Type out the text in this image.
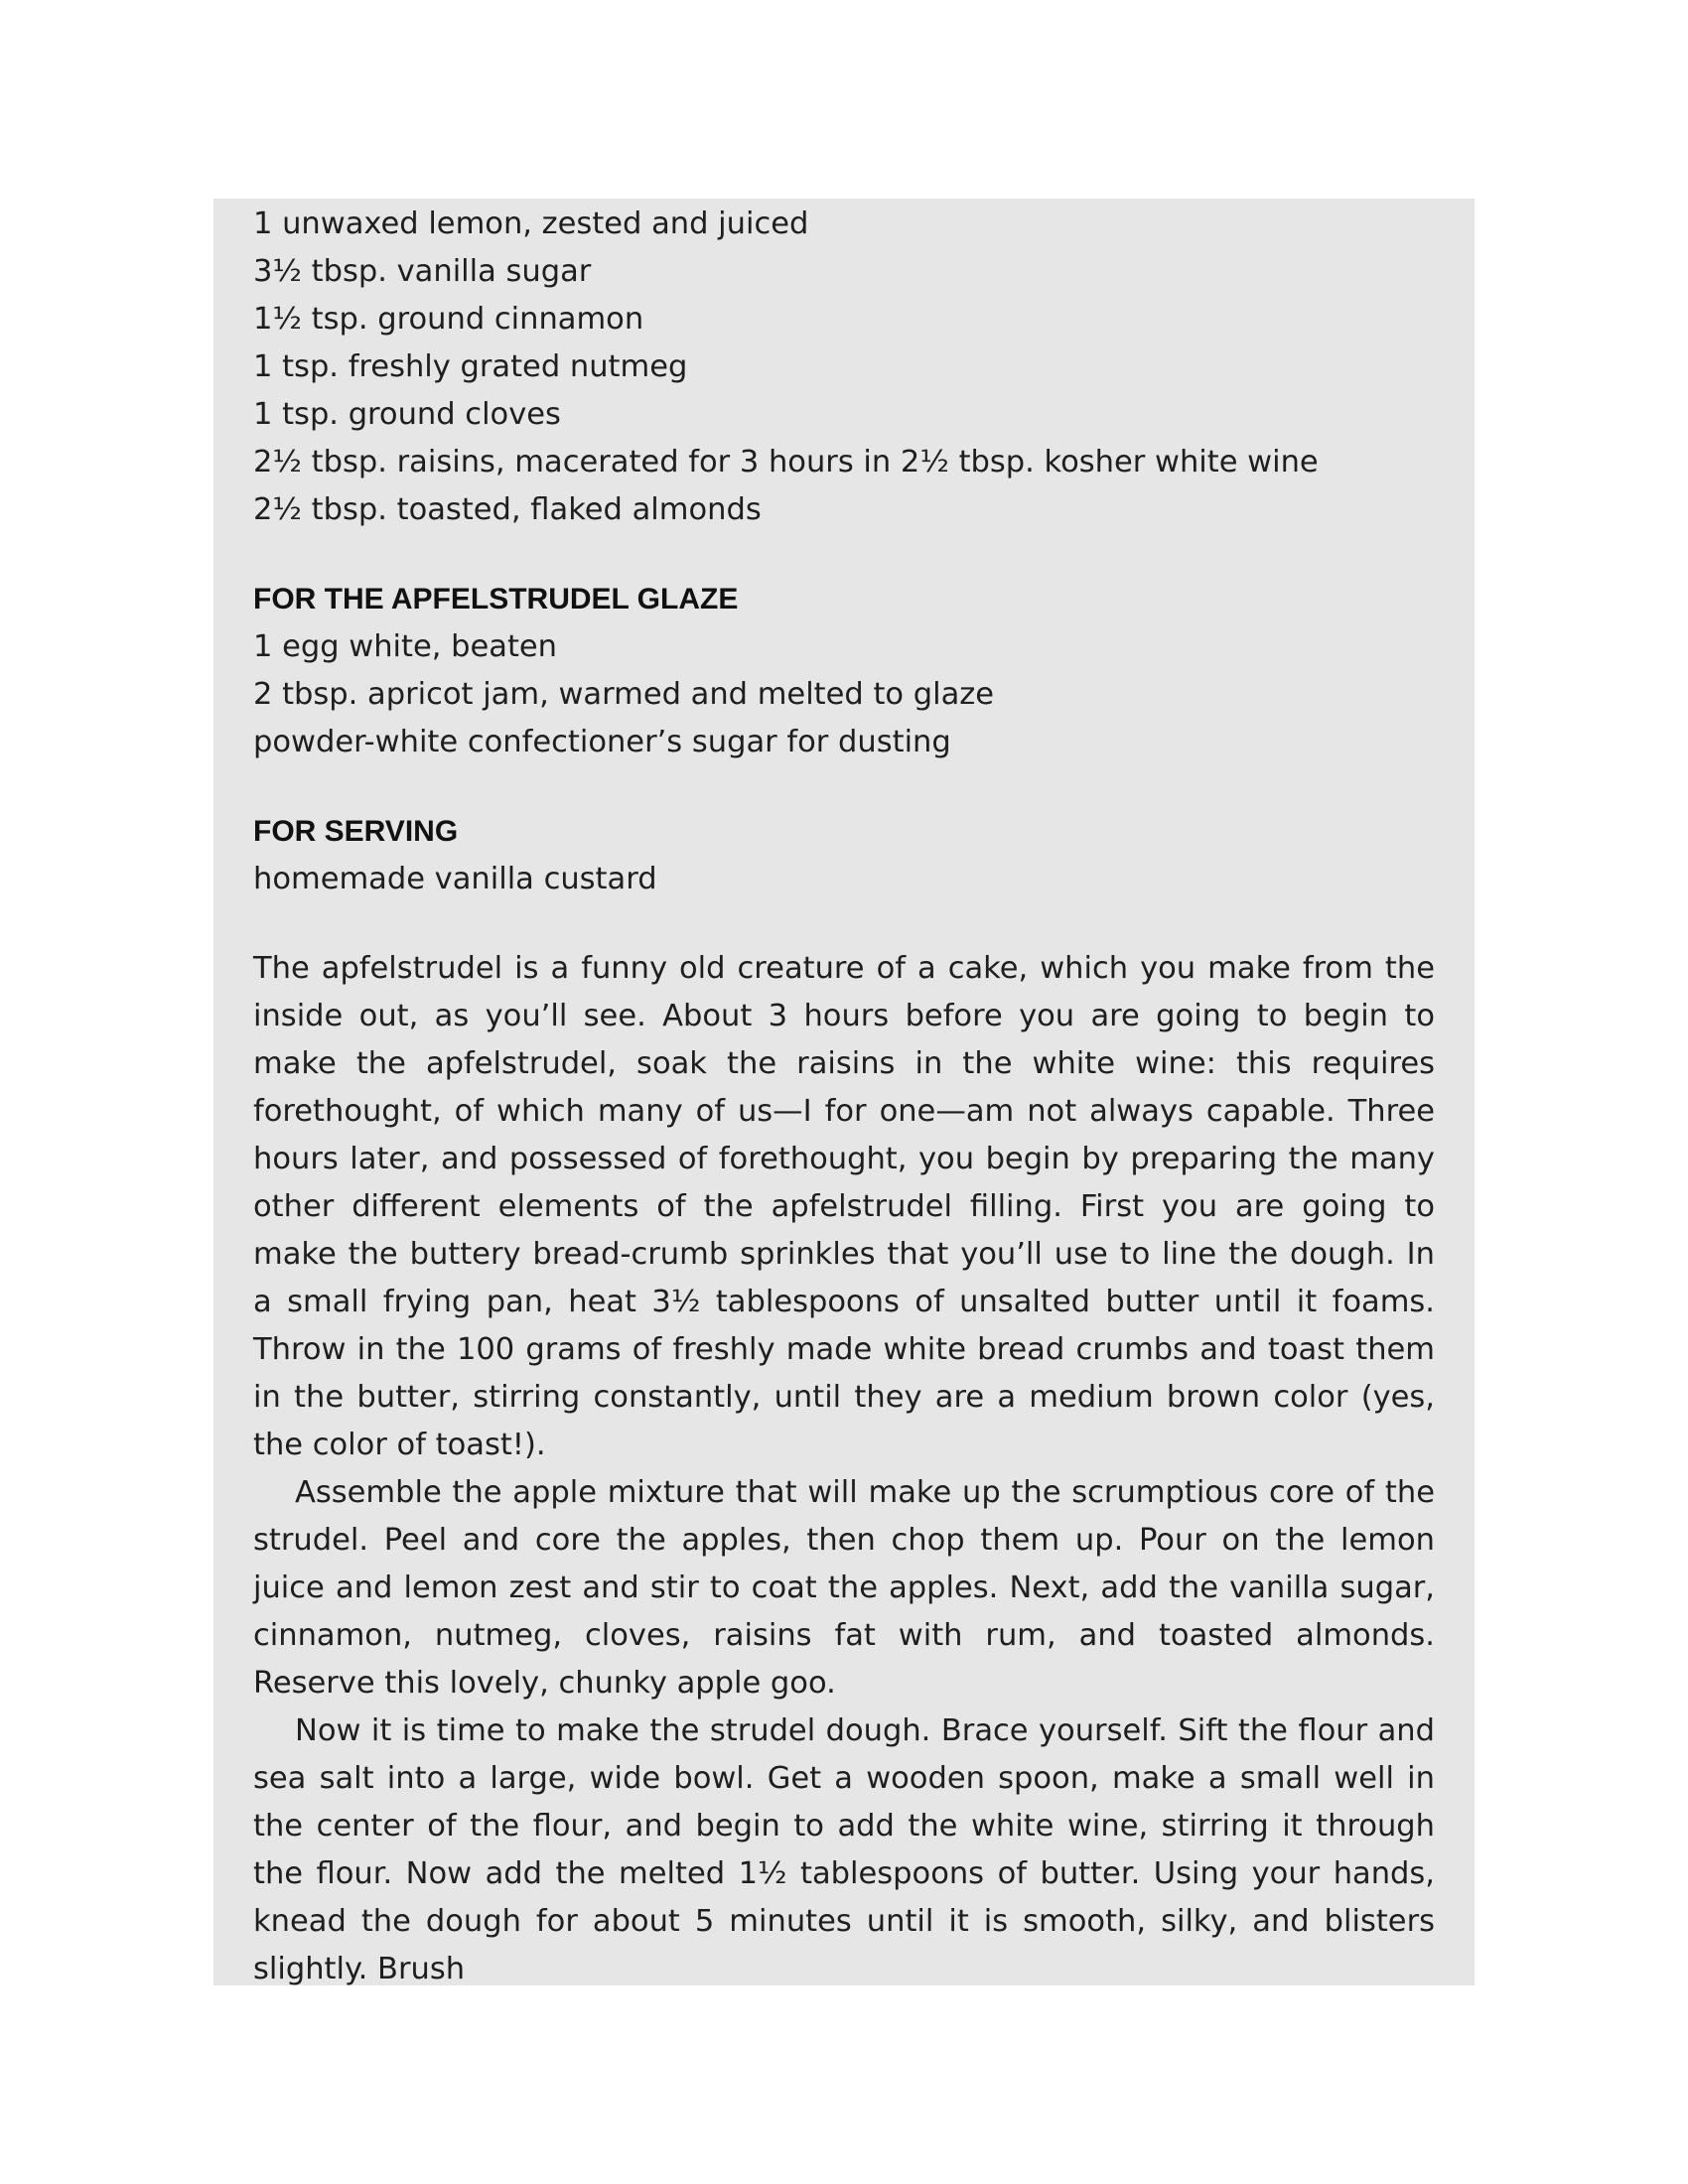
1 unwaxed lemon, zested and juiced
3½ tbsp. vanilla sugar
1½ tsp. ground cinnamon
1 tsp. freshly grated nutmeg
1 tsp. ground cloves
2½ tbsp. raisins, macerated for 3 hours in 2½ tbsp. kosher white wine
2½ tbsp. toasted, flaked almonds
FOR THE APFELSTRUDEL GLAZE
1 egg white, beaten
2 tbsp. apricot jam, warmed and melted to glaze
powder-white confectioner’s sugar for dusting
FOR SERVING
homemade vanilla custard

The apfelstrudel is a funny old creature of a cake, which you make from the inside out, as you’ll see. About 3 hours before you are going to begin to make the apfelstrudel, soak the raisins in the white wine: this requires forethought, of which many of us—I for one—am not always capable. Three hours later, and possessed of forethought, you begin by preparing the many other different elements of the apfelstrudel filling. First you are going to make the buttery bread-crumb sprinkles that you’ll use to line the dough. In a small frying pan, heat 3½ tablespoons of unsalted butter until it foams. Throw in the 100 grams of freshly made white bread crumbs and toast them in the butter, stirring constantly, until they are a medium brown color (yes, the color of toast!).

Assemble the apple mixture that will make up the scrumptious core of the strudel. Peel and core the apples, then chop them up. Pour on the lemon juice and lemon zest and stir to coat the apples. Next, add the vanilla sugar, cinnamon, nutmeg, cloves, raisins fat with rum, and toasted almonds. Reserve this lovely, chunky apple goo.

Now it is time to make the strudel dough. Brace yourself. Sift the flour and sea salt into a large, wide bowl. Get a wooden spoon, make a small well in the center of the flour, and begin to add the white wine, stirring it through the flour. Now add the melted 1½ tablespoons of butter. Using your hands, knead the dough for about 5 minutes until it is smooth, silky, and blisters slightly. Brush
